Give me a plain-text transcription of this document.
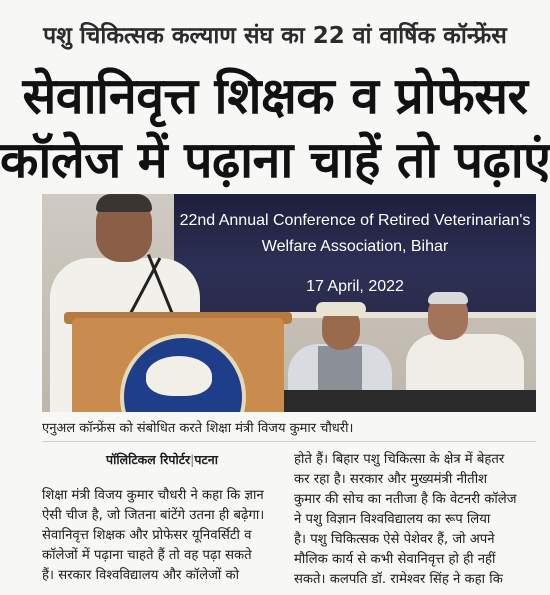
पशु चिकित्सक कल्याण संघ का 22 वां वार्षिक कॉन्फ्रेंस
सेवानिवृत्त शिक्षक व प्रोफेसर
कॉलेज में पढ़ाना चाहें तो पढ़ाएं
22nd Annual Conference of Retired Veterinarian's
Welfare Association, Bihar
17 April, 2022
एनुअल कॉन्फ्रेंस को संबोधित करते शिक्षा मंत्री विजय कुमार चौधरी।
पॉलिटिकल रिपोर्टर|पटना
शिक्षा मंत्री विजय कुमार चौधरी ने कहा कि ज्ञान
ऐसी चीज है, जो जितना बांटेंगे उतना ही बढ़ेगा।
सेवानिवृत्त शिक्षक और प्रोफेसर यूनिवर्सिटी व
कॉलेजों में पढ़ाना चाहते हैं तो वह पढ़ा सकते
हैं। सरकार विश्वविद्यालय और कॉलेजों को
होते हैं। बिहार पशु चिकित्सा के क्षेत्र में बेहतर
कर रहा है। सरकार और मुख्यमंत्री नीतीश
कुमार की सोच का नतीजा है कि वेटनरी कॉलेज
ने पशु विज्ञान विश्वविद्यालय का रूप लिया
है। पशु चिकित्सक ऐसे पेशेवर हैं, जो अपने
मौलिक कार्य से कभी सेवानिवृत्त हो ही नहीं
सकते। कलपति डॉ. रामेश्वर सिंह ने कहा कि
